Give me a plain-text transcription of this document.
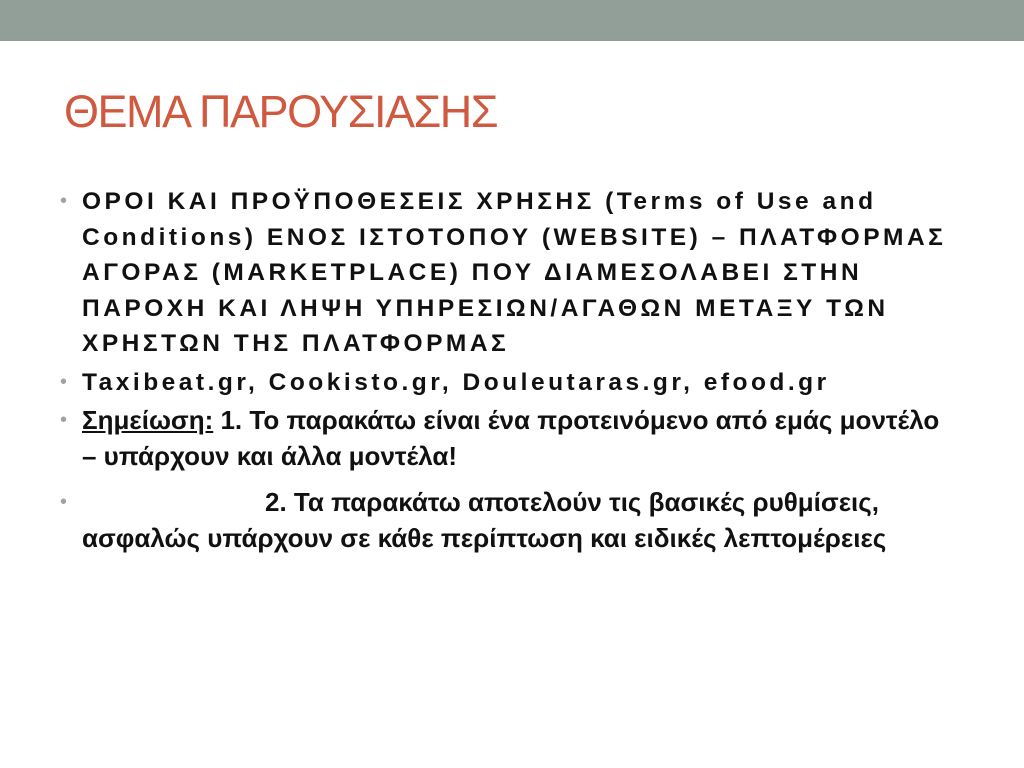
ΘΕΜΑ ΠΑΡΟΥΣΙΑΣΗΣ
• ΟΡΟΙ ΚΑΙ ΠΡΟΫΠΟΘΕΣΕΙΣ ΧΡΗΣΗΣ (Terms of Use and Conditions) ΕΝΟΣ ΙΣΤΟΤΟΠΟΥ (WEBSITE) – ΠΛΑΤΦΟΡΜΑΣ ΑΓΟΡΑΣ (MARKETPLACE) ΠΟΥ ΔΙΑΜΕΣΟΛΑΒΕΙ ΣΤΗΝ ΠΑΡΟΧΗ ΚΑΙ ΛΗΨΗ ΥΠΗΡΕΣΙΩΝ/ΑΓΑΘΩΝ ΜΕΤΑΞΥ ΤΩΝ ΧΡΗΣΤΩΝ ΤΗΣ ΠΛΑΤΦΟΡΜΑΣ
• Taxibeat.gr, Cookisto.gr, Douleutaras.gr, efood.gr
• Σημείωση: 1. Το παρακάτω είναι ένα προτεινόμενο από εμάς μοντέλο – υπάρχουν και άλλα μοντέλα!
•	2. Τα παρακάτω αποτελούν τις βασικές ρυθμίσεις, ασφαλώς υπάρχουν σε κάθε περίπτωση και ειδικές λεπτομέρειες
